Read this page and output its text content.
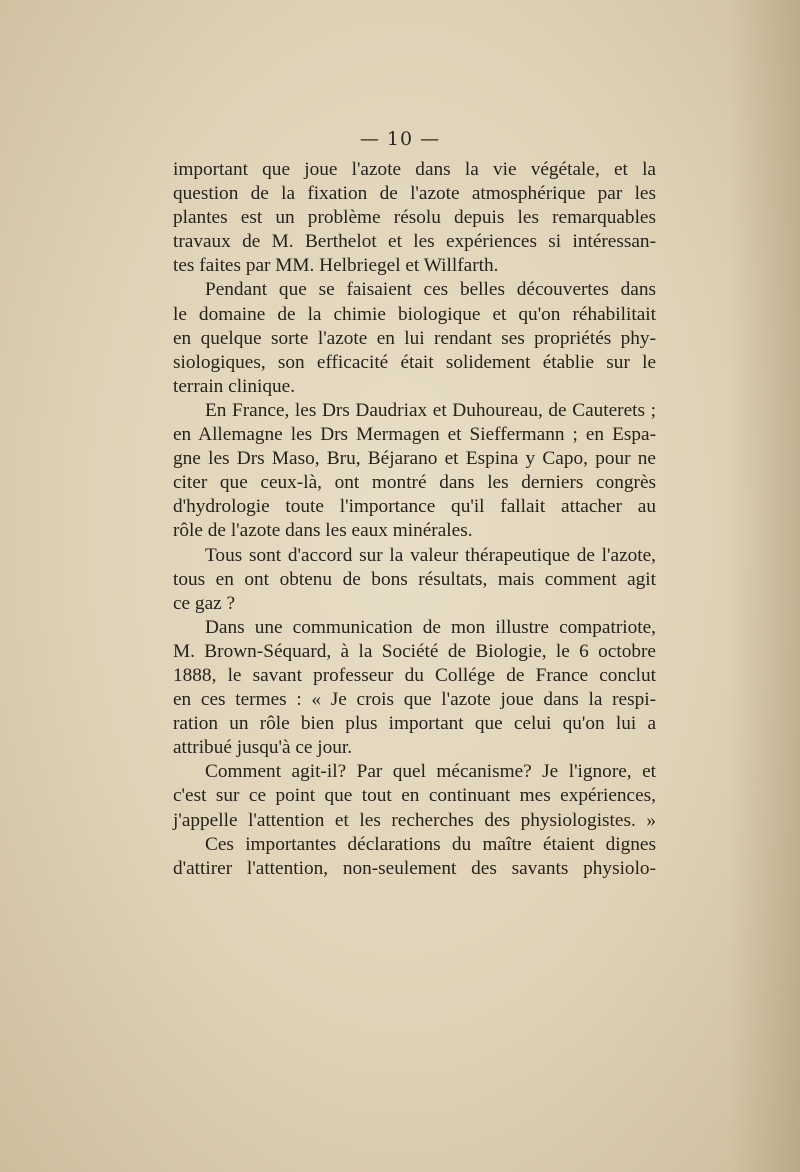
— 10 —
important que joue l'azote dans la vie végétale, et la
question de la fixation de l'azote atmosphérique par les
plantes est un problème résolu depuis les remarquables
travaux de M. Berthelot et les expériences si intéressan-
tes faites par MM. Helbriegel et Willfarth.
Pendant que se faisaient ces belles découvertes dans
le domaine de la chimie biologique et qu'on réhabilitait
en quelque sorte l'azote en lui rendant ses propriétés phy-
siologiques, son efficacité était solidement établie sur le
terrain clinique.
En France, les Drs Daudriax et Duhoureau, de Cauterets ;
en Allemagne les Drs Mermagen et Sieffermann ; en Espa-
gne les Drs Maso, Bru, Béjarano et Espina y Capo, pour ne
citer que ceux-là, ont montré dans les derniers congrès
d'hydrologie toute l'importance qu'il fallait attacher au
rôle de l'azote dans les eaux minérales.
Tous sont d'accord sur la valeur thérapeutique de l'azote,
tous en ont obtenu de bons résultats, mais comment agit
ce gaz ?
Dans une communication de mon illustre compatriote,
M. Brown-Séquard, à la Société de Biologie, le 6 octobre
1888, le savant professeur du Collége de France conclut
en ces termes : « Je crois que l'azote joue dans la respi-
ration un rôle bien plus important que celui qu'on lui a
attribué jusqu'à ce jour.
Comment agit-il? Par quel mécanisme? Je l'ignore, et
c'est sur ce point que tout en continuant mes expériences,
j'appelle l'attention et les recherches des physiologistes. »
Ces importantes déclarations du maître étaient dignes
d'attirer l'attention, non-seulement des savants physiolo-
